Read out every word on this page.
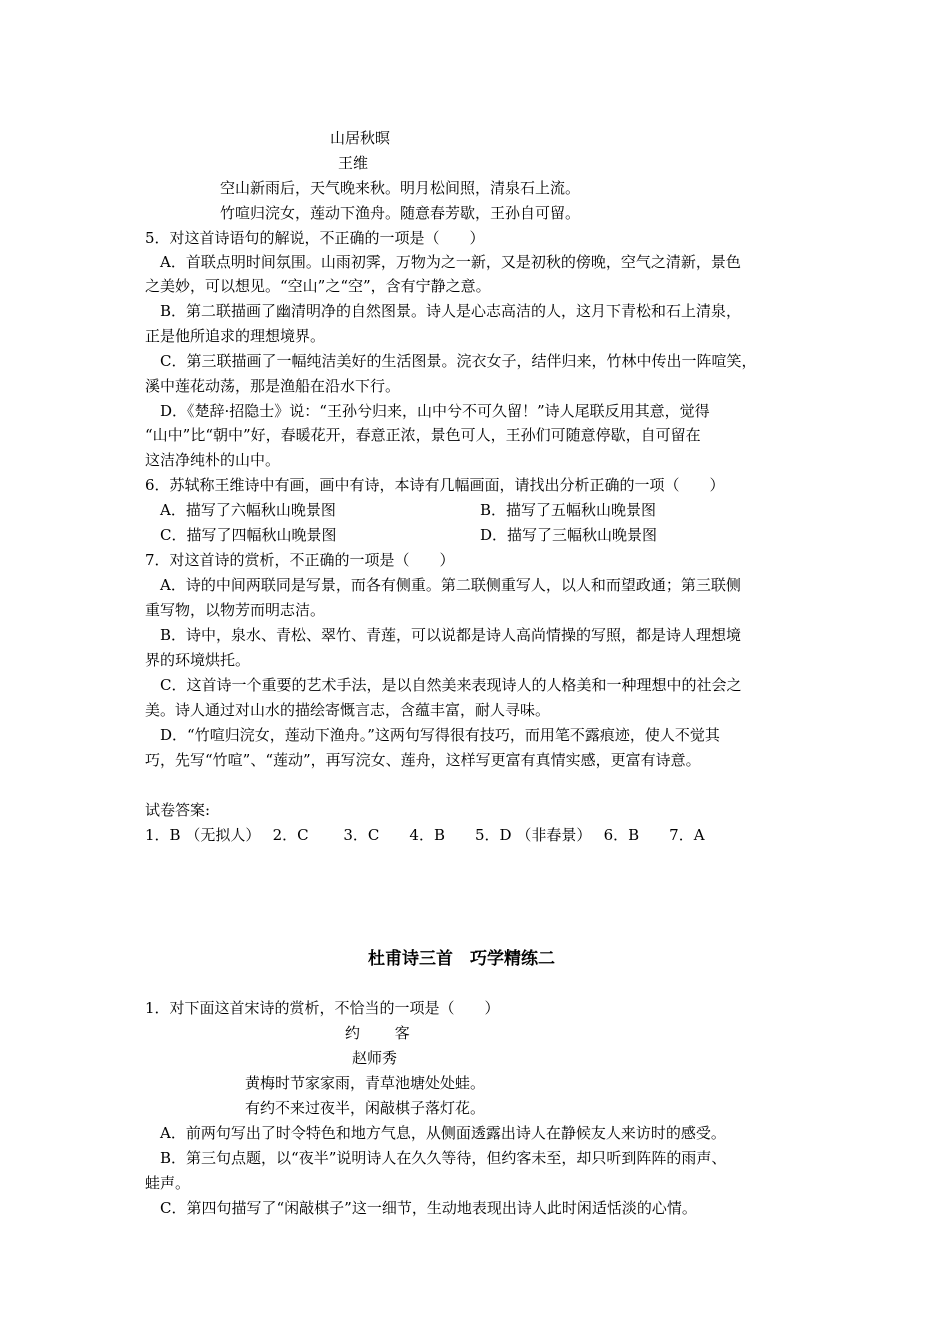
山居秋暝
王维
空山新雨后，天气晚来秋。明月松间照，清泉石上流。
竹喧归浣女，莲动下渔舟。随意春芳歇，王孙自可留。
5．对这首诗语句的解说，不正确的一项是（　　）
　A．首联点明时间氛围。山雨初霁，万物为之一新，又是初秋的傍晚，空气之清新，景色
之美妙，可以想见。“空山”之“空”，含有宁静之意。
　B．第二联描画了幽清明净的自然图景。诗人是心志高洁的人，这月下青松和石上清泉，
正是他所追求的理想境界。
　C．第三联描画了一幅纯洁美好的生活图景。浣衣女子，结伴归来，竹林中传出一阵喧笑，
溪中莲花动荡，那是渔船在沿水下行。
　D．《楚辞·招隐士》说：“王孙兮归来，山中兮不可久留！”诗人尾联反用其意，觉得
“山中”比“朝中”好，春暖花开，春意正浓，景色可人，王孙们可随意停歇，自可留在
这洁净纯朴的山中。
6．苏轼称王维诗中有画，画中有诗，本诗有几幅画面，请找出分析正确的一项（　　）
　A．描写了六幅秋山晚景图	B．描写了五幅秋山晚景图
　C．描写了四幅秋山晚景图	D．描写了三幅秋山晚景图
7．对这首诗的赏析，不正确的一项是（　　）
　A．诗的中间两联同是写景，而各有侧重。第二联侧重写人，以人和而望政通；第三联侧
重写物，以物芳而明志洁。
　B．诗中，泉水、青松、翠竹、青莲，可以说都是诗人高尚情操的写照，都是诗人理想境
界的环境烘托。
　C．这首诗一个重要的艺术手法，是以自然美来表现诗人的人格美和一种理想中的社会之
美。诗人通过对山水的描绘寄慨言志，含蕴丰富，耐人寻味。
　D．“竹喧归浣女，莲动下渔舟。”这两句写得很有技巧，而用笔不露痕迹，使人不觉其
巧，先写“竹喧”、“莲动”，再写浣女、莲舟，这样写更富有真情实感，更富有诗意。
试卷答案:
1．B （无拟人）　 2．C　　 3．C　　4．B　　5．D （非春景）　 6．B　　7．A
杜甫诗三首　巧学精练二
1．对下面这首宋诗的赏析，不恰当的一项是（　　）
约　　 客
赵师秀
黄梅时节家家雨，青草池塘处处蛙。
有约不来过夜半，闲敲棋子落灯花。
　A．前两句写出了时令特色和地方气息，从侧面透露出诗人在静候友人来访时的感受。
　B．第三句点题，以“夜半”说明诗人在久久等待，但约客未至，却只听到阵阵的雨声、
蛙声。
　C．第四句描写了“闲敲棋子”这一细节，生动地表现出诗人此时闲适恬淡的心情。
